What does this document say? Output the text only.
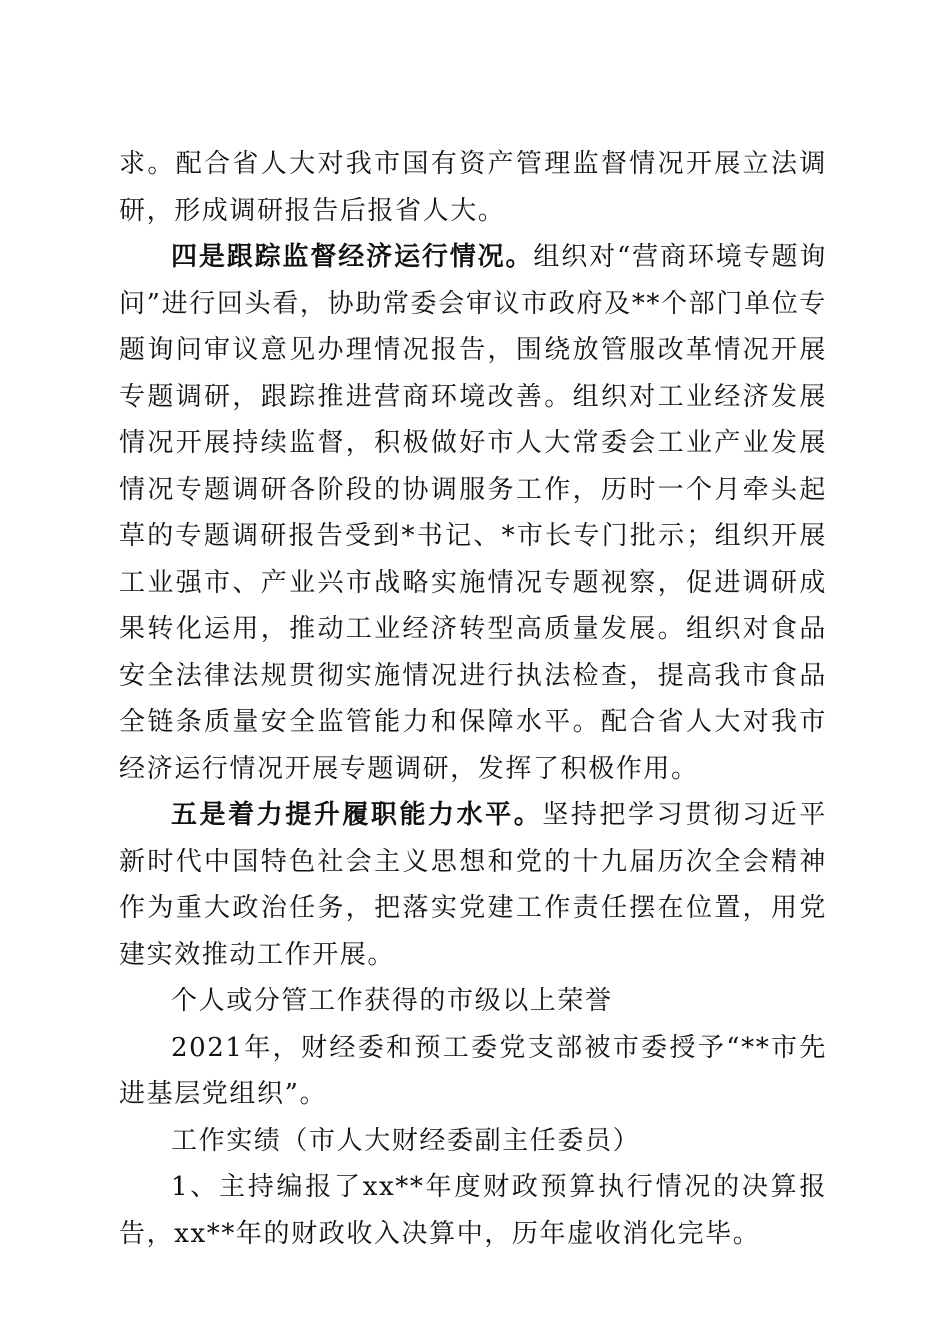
求。配合省人大对我市国有资产管理监督情况开展立法调研，形成调研报告后报省人大。

四是跟踪监督经济运行情况。组织对“营商环境专题询问”进行回头看，协助常委会审议市政府及**个部门单位专题询问审议意见办理情况报告，围绕放管服改革情况开展专题调研，跟踪推进营商环境改善。组织对工业经济发展情况开展持续监督，积极做好市人大常委会工业产业发展情况专题调研各阶段的协调服务工作，历时一个月牵头起草的专题调研报告受到*书记、*市长专门批示；组织开展工业强市、产业兴市战略实施情况专题视察，促进调研成果转化运用，推动工业经济转型高质量发展。组织对食品安全法律法规贯彻实施情况进行执法检查，提高我市食品全链条质量安全监管能力和保障水平。配合省人大对我市经济运行情况开展专题调研，发挥了积极作用。

五是着力提升履职能力水平。坚持把学习贯彻习近平新时代中国特色社会主义思想和党的十九届历次全会精神作为重大政治任务，把落实党建工作责任摆在位置，用党建实效推动工作开展。

个人或分管工作获得的市级以上荣誉

2021年，财经委和预工委党支部被市委授予“**市先进基层党组织”。

工作实绩（市人大财经委副主任委员）

1、主持编报了xx**年度财政预算执行情况的决算报告，xx**年的财政收入决算中，历年虚收消化完毕。
